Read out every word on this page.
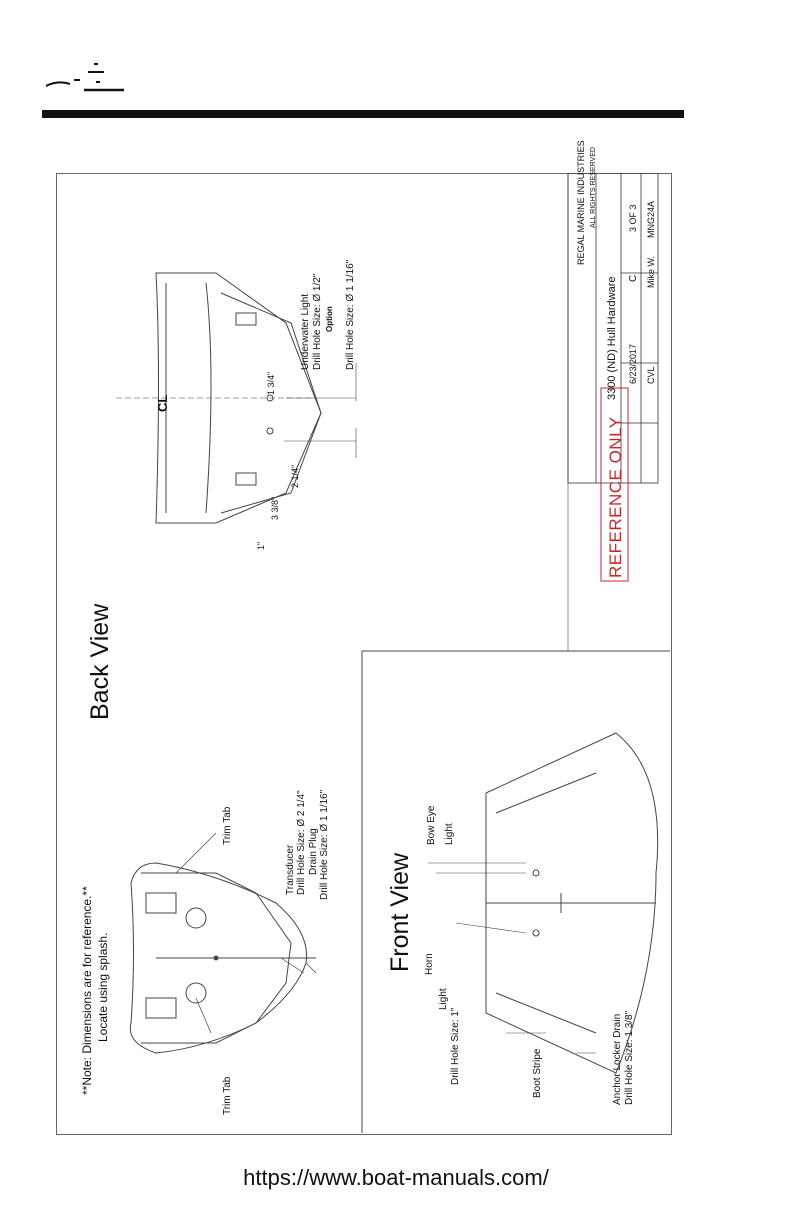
**Note: Dimensions are for reference.** Locate using splash.
Back View
Trim Tab
Trim Tab
Transducer Drill Hole Size: Ø 2 1/4" Drain Plug Drill Hole Size: Ø 1 1/16"
CL
Underwater Light Drill Hole Size: Ø 1/2" Option Drill Hole Size: Ø 1 1/16"
1"
3 3/8"
2 1/4"
1 3/4"
Front View
Bow Eye Light
Horn
Light
Drill Hole Size: 1"	Boot Stripe	Anchor Locker Drain Drill Hole Size: 1 3/8"
REFERENCE ONLY
REGAL MARINE INDUSTRIES ALL RIGHTS RESERVED
3300 (ND) Hull Hardware C
3 OF 3
6/23/2017 CVL
Mike W.
MNG24A
https://www.boat-manuals.com/
